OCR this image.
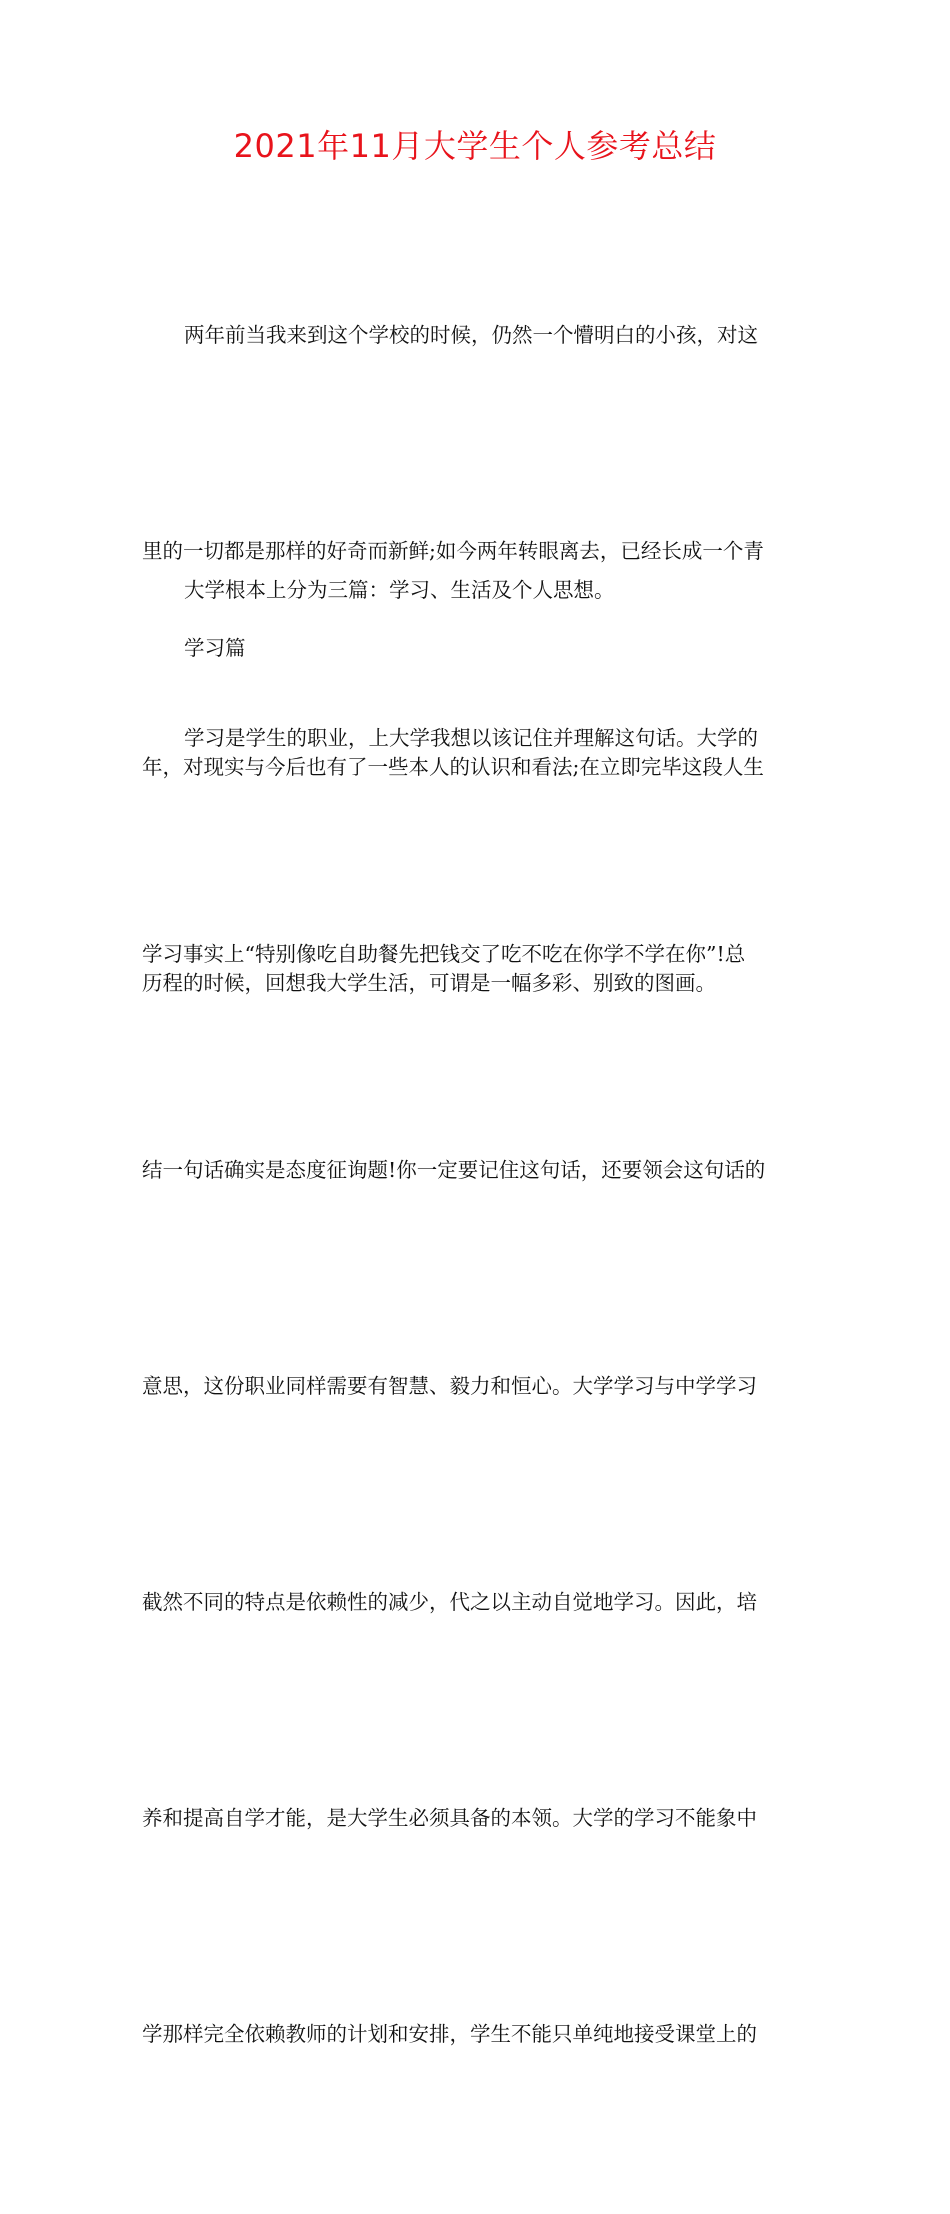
2021年11月大学生个人参考总结

两年前当我来到这个学校的时候，仍然一个懵明白的小孩，对这

里的一切都是那样的好奇而新鲜;如今两年转眼离去，已经长成一个青

年，对现实与今后也有了一些本人的认识和看法;在立即完毕这段人生

历程的时候，回想我大学生活，可谓是一幅多彩、别致的图画。

大学根本上分为三篇：学习、生活及个人思想。

学习篇

学习是学生的职业，上大学我想以该记住并理解这句话。大学的

学习事实上“特别像吃自助餐先把钱交了吃不吃在你学不学在你”!总

结一句话确实是态度征询题!你一定要记住这句话，还要领会这句话的

意思，这份职业同样需要有智慧、毅力和恒心。大学学习与中学学习

截然不同的特点是依赖性的减少，代之以主动自觉地学习。因此，培

养和提高自学才能，是大学生必须具备的本领。大学的学习不能象中

学那样完全依赖教师的计划和安排，学生不能只单纯地接受课堂上的
